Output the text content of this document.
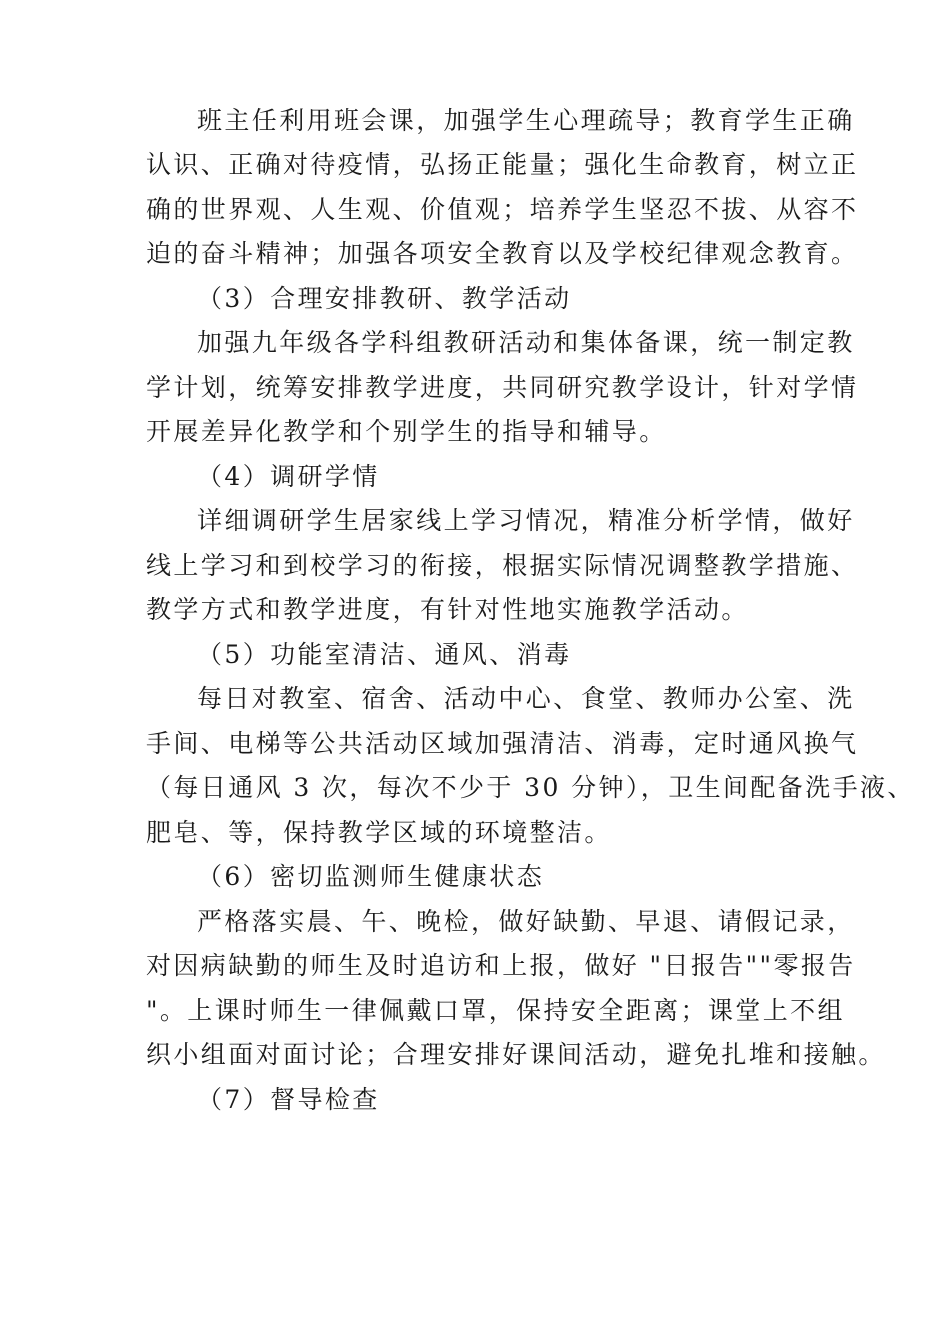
班主任利用班会课，加强学生心理疏导；教育学生正确
认识、正确对待疫情，弘扬正能量；强化生命教育，树立正
确的世界观、人生观、价值观；培养学生坚忍不拔、从容不
迫的奋斗精神；加强各项安全教育以及学校纪律观念教育。
（3）合理安排教研、教学活动
加强九年级各学科组教研活动和集体备课，统一制定教
学计划，统筹安排教学进度，共同研究教学设计，针对学情
开展差异化教学和个别学生的指导和辅导。
（4）调研学情
详细调研学生居家线上学习情况，精准分析学情，做好
线上学习和到校学习的衔接，根据实际情况调整教学措施、
教学方式和教学进度，有针对性地实施教学活动。
（5）功能室清洁、通风、消毒
每日对教室、宿舍、活动中心、食堂、教师办公室、洗
手间、电梯等公共活动区域加强清洁、消毒，定时通风换气
（每日通风 3 次，每次不少于 30 分钟），卫生间配备洗手液、
肥皂、等，保持教学区域的环境整洁。
（6）密切监测师生健康状态
严格落实晨、午、晚检，做好缺勤、早退、请假记录，
对因病缺勤的师生及时追访和上报，做好 "日报告""零报告
"。上课时师生一律佩戴口罩，保持安全距离；课堂上不组
织小组面对面讨论；合理安排好课间活动，避免扎堆和接触。
（7）督导检查
